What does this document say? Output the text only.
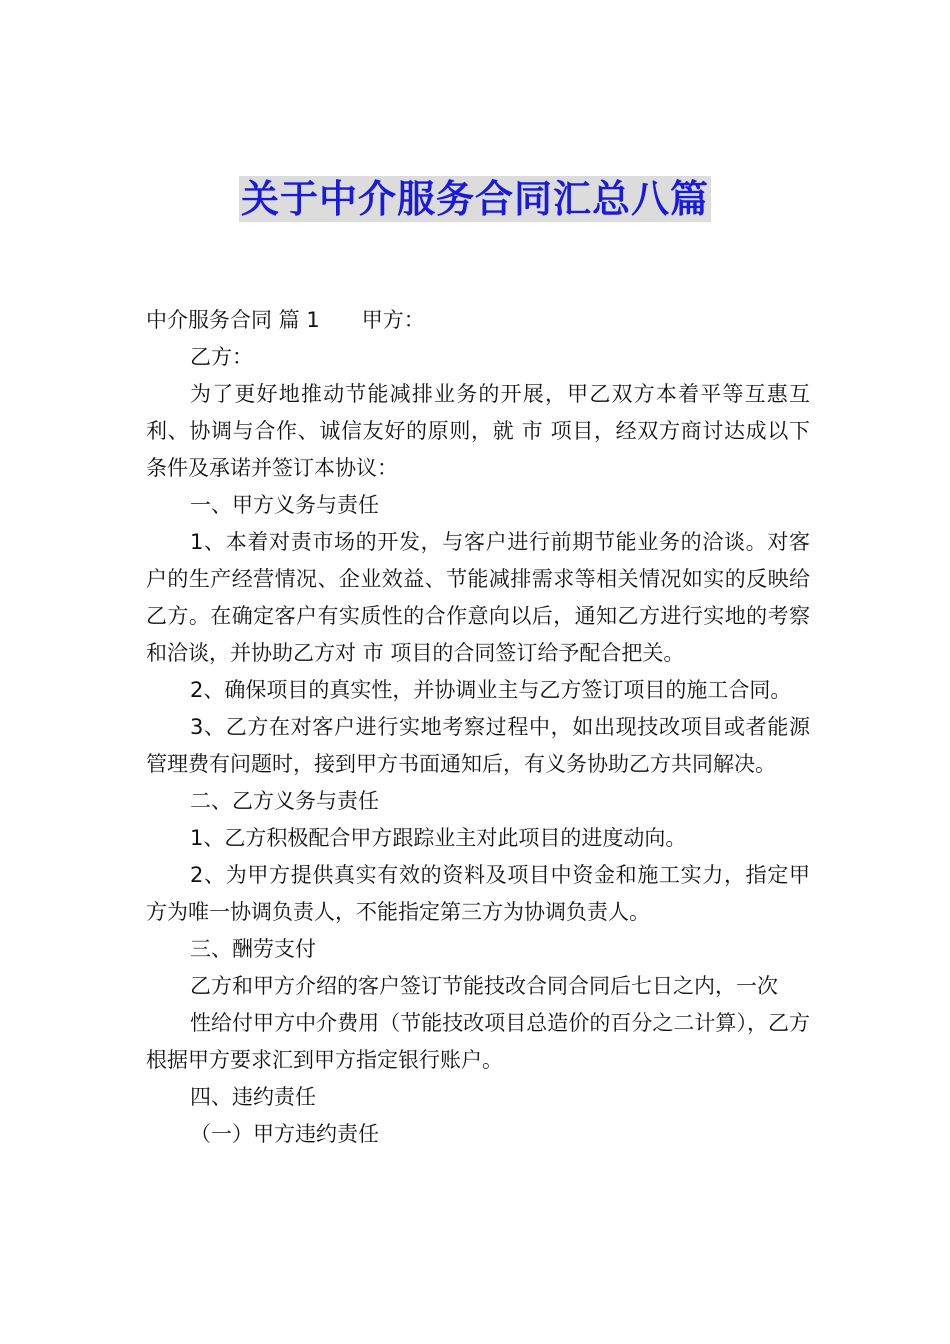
关于中介服务合同汇总八篇

中介服务合同 篇 1 甲方：

乙方：

为了更好地推动节能减排业务的开展，甲乙双方本着平等互惠互利、协调与合作、诚信友好的原则，就 市 项目，经双方商讨达成以下条件及承诺并签订本协议：

一、甲方义务与责任

1、本着对责市场的开发，与客户进行前期节能业务的洽谈。对客户的生产经营情况、企业效益、节能减排需求等相关情况如实的反映给乙方。在确定客户有实质性的合作意向以后，通知乙方进行实地的考察和洽谈，并协助乙方对 市 项目的合同签订给予配合把关。

2、确保项目的真实性，并协调业主与乙方签订项目的施工合同。

3、乙方在对客户进行实地考察过程中，如出现技改项目或者能源管理费有问题时，接到甲方书面通知后，有义务协助乙方共同解决。

二、乙方义务与责任

1、乙方积极配合甲方跟踪业主对此项目的进度动向。

2、为甲方提供真实有效的资料及项目中资金和施工实力，指定甲方为唯一协调负责人，不能指定第三方为协调负责人。

三、酬劳支付

乙方和甲方介绍的客户签订节能技改合同合同后七日之内，一次

性给付甲方中介费用（节能技改项目总造价的百分之二计算），乙方根据甲方要求汇到甲方指定银行账户。

四、违约责任

（一）甲方违约责任
